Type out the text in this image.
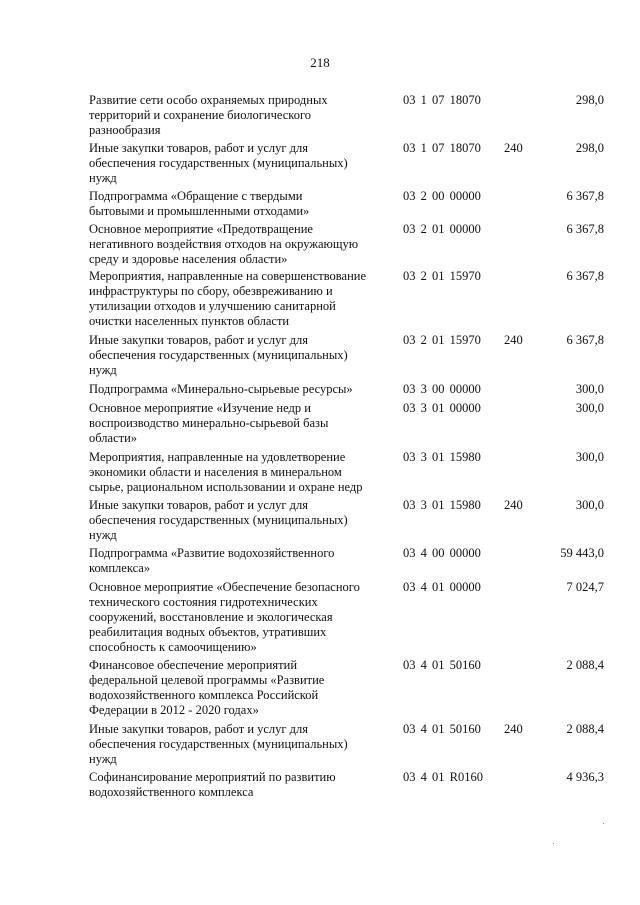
218
Развитие сети особо охраняемых природных
территорий и сохранение биологического
разнообразия
03 1 07 18070	298,0
Иные закупки товаров, работ и услуг для
обеспечения государственных (муниципальных)
нужд
03 1 07 18070 240	298,0
Подпрограмма «Обращение с твердыми
бытовыми и промышленными отходами»
03 2 00 00000	6 367,8
Основное мероприятие «Предотвращение
негативного воздействия отходов на окружающую
среду и здоровье населения области»
03 2 01 00000	6 367,8
Мероприятия, направленные на совершенствование
инфраструктуры по сбору, обезвреживанию и
утилизации отходов и улучшению санитарной
очистки населенных пунктов области
03 2 01 15970	6 367,8
Иные закупки товаров, работ и услуг для
обеспечения государственных (муниципальных)
нужд
03 2 01 15970 240	6 367,8
Подпрограмма «Минерально-сырьевые ресурсы»	03 3 00 00000	300,0
Основное мероприятие «Изучение недр и
воспроизводство минерально-сырьевой базы
области»
03 3 01 00000	300,0
Мероприятия, направленные на удовлетворение
экономики области и населения в минеральном
сырье, рациональном использовании и охране недр
03 3 01 15980	300,0
Иные закупки товаров, работ и услуг для
обеспечения государственных (муниципальных)
нужд
03 3 01 15980 240	300,0
Подпрограмма «Развитие водохозяйственного
комплекса»
03 4 00 00000	59 443,0
Основное мероприятие «Обеспечение безопасного
технического состояния гидротехнических
сооружений, восстановление и экологическая
реабилитация водных объектов, утративших
способность к самоочищению»
03 4 01 00000	7 024,7
Финансовое обеспечение мероприятий
федеральной целевой программы «Развитие
водохозяйственного комплекса Российской
Федерации в 2012 - 2020 годах»
03 4 01 50160	2 088,4
Иные закупки товаров, работ и услуг для
обеспечения государственных (муниципальных)
нужд
03 4 01 50160 240	2 088,4
Софинансирование мероприятий по развитию
водохозяйственного комплекса
03 4 01 R0160	4 936,3
